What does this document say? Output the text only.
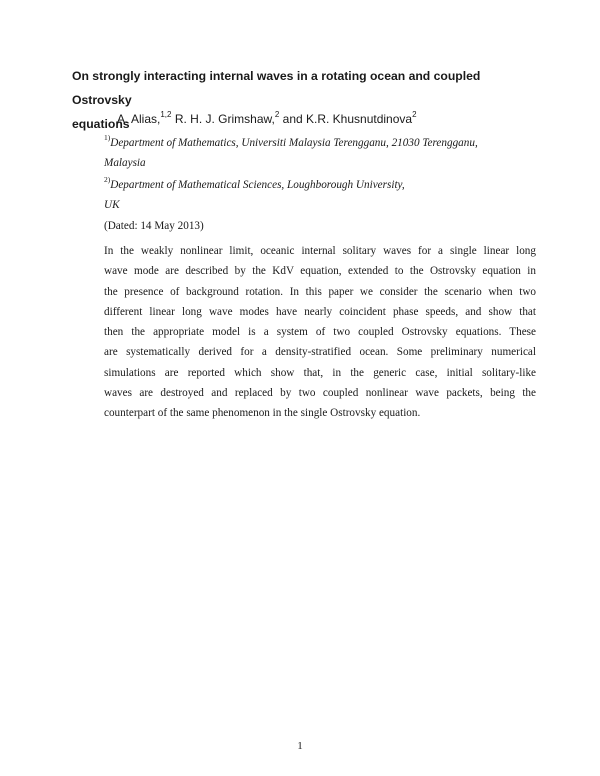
On strongly interacting internal waves in a rotating ocean and coupled Ostrovsky
equations
A. Alias,$^{1,2}$ R. H. J. Grimshaw,$^2$ and K.R. Khusnutdinova$^2$
$^{1)}$Department of Mathematics, Universiti Malaysia Terengganu, 21030 Terengganu,
Malaysia
$^{2)}$Department of Mathematical Sciences, Loughborough University,
UK
(Dated: 14 May 2013)

In the weakly nonlinear limit, oceanic internal solitary waves for a single linear long
wave mode are described by the KdV equation, extended to the Ostrovsky equation in
the presence of background rotation. In this paper we consider the scenario when two
different linear long wave modes have nearly coincident phase speeds, and show that
then the appropriate model is a system of two coupled Ostrovsky equations. These
are systematically derived for a density-stratified ocean. Some preliminary numerical
simulations are reported which show that, in the generic case, initial solitary-like
waves are destroyed and replaced by two coupled nonlinear wave packets, being the
counterpart of the same phenomenon in the single Ostrovsky equation.

1
